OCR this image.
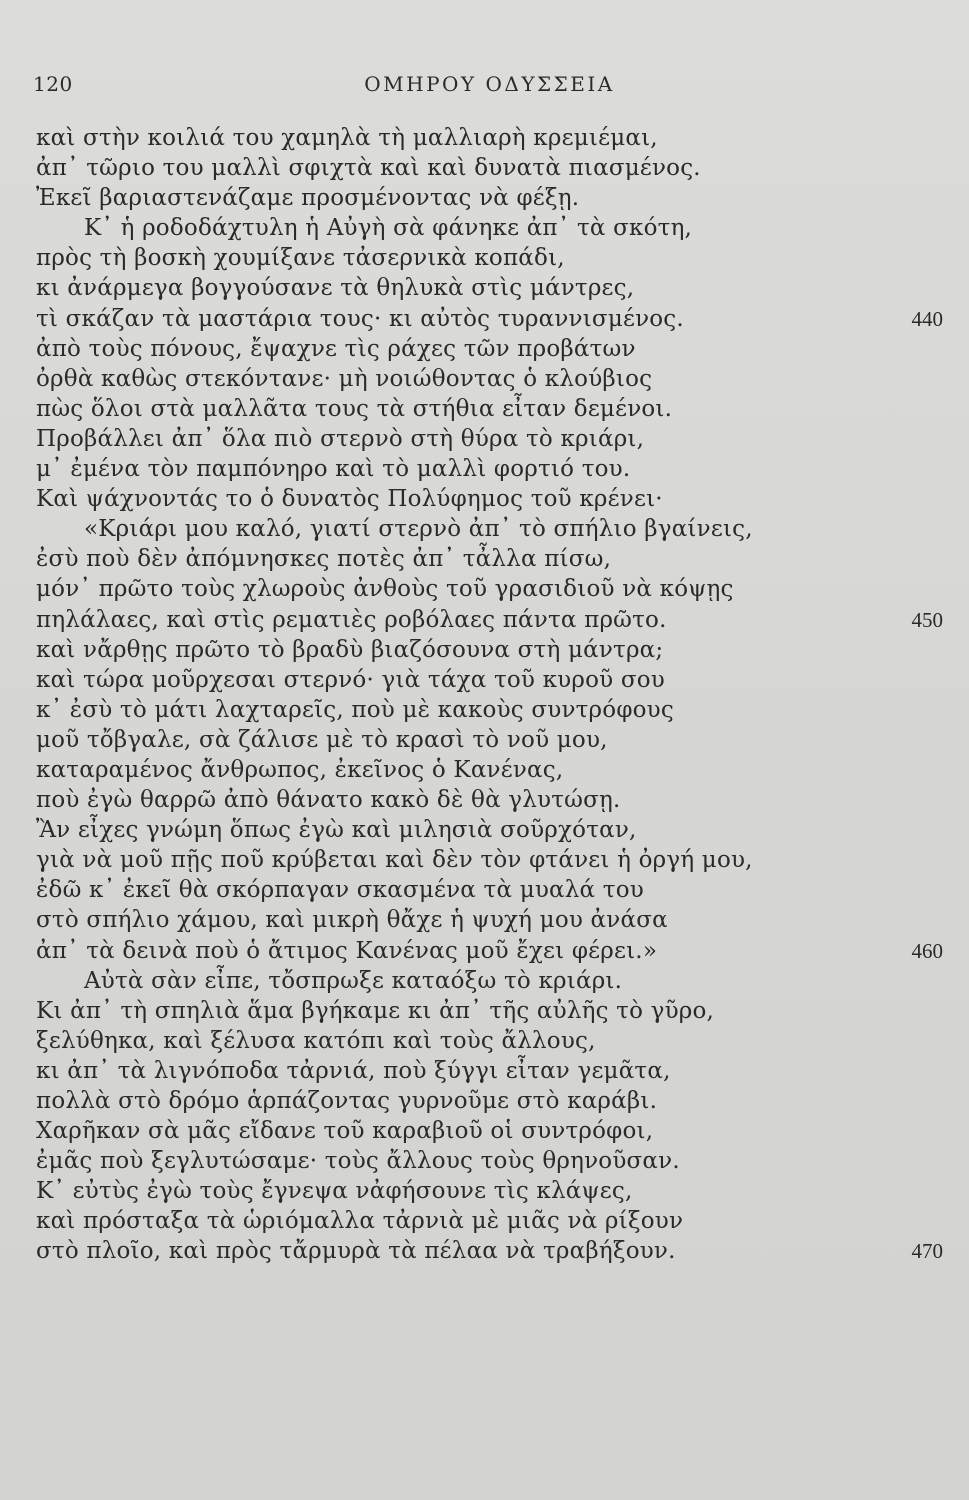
120	ΟΜΗΡΟΥ ΟΔΥΣΣΕΙΑ
καὶ στὴν κοιλιά του χαμηλὰ τὴ μαλλιαρὴ κρεμιέμαι,
ἀπ᾿ τῶριο του μαλλὶ σφιχτὰ καὶ καὶ δυνατὰ πιασμένος.
Ἐκεῖ βαριαστενάζαμε προσμένοντας νὰ φέξῃ.
Κ᾿ ἡ ροδοδάχτυλη ἡ Αὐγὴ σὰ φάνηκε ἀπ᾿ τὰ σκότη,
πρὸς τὴ βοσκὴ χουμίξανε τἀσερνικὰ κοπάδι,
κι ἀνάρμεγα βογγούσανε τὰ θηλυκὰ στὶς μάντρες,
τὶ σκάζαν τὰ μαστάρια τους· κι αὐτὸς τυραννισμένος.	440
ἀπὸ τοὺς πόνους, ἔψαχνε τὶς ράχες τῶν προβάτων
ὀρθὰ καθὼς στεκόντανε· μὴ νοιώθοντας ὁ κλούβιος
πὼς ὅλοι στὰ μαλλᾶτα τους τὰ στήθια εἶταν δεμένοι.
Προβάλλει ἀπ᾿ ὅλα πιὸ στερνὸ στὴ θύρα τὸ κριάρι,
μ᾿ ἐμένα τὸν παμπόνηρο καὶ τὸ μαλλὶ φορτιό του.
Καὶ ψάχνοντάς το ὁ δυνατὸς Πολύφημος τοῦ κρένει·
«Κριάρι μου καλό, γιατί στερνὸ ἀπ᾿ τὸ σπήλιο βγαίνεις,
ἐσὺ ποὺ δὲν ἀπόμνησκες ποτὲς ἀπ᾿ τἆλλα πίσω,
μόν᾿ πρῶτο τοὺς χλωροὺς ἀνθοὺς τοῦ γρασιδιοῦ νὰ κόψῃς
πηλάλαες, καὶ στὶς ρεματιὲς ροβόλαες πάντα πρῶτο.	450
καὶ νἄρθῃς πρῶτο τὸ βραδὺ βιαζόσουνα στὴ μάντρα;
καὶ τώρα μοῦρχεσαι στερνό· γιὰ τάχα τοῦ κυροῦ σου
κ᾿ ἐσὺ τὸ μάτι λαχταρεῖς, ποὺ μὲ κακοὺς συντρόφους
μοῦ τὄβγαλε, σὰ ζάλισε μὲ τὸ κρασὶ τὸ νοῦ μου,
καταραμένος ἄνθρωπος, ἐκεῖνος ὁ Κανένας,
ποὺ ἐγὼ θαρρῶ ἀπὸ θάνατο κακὸ δὲ θὰ γλυτώσῃ.
Ἂν εἶχες γνώμη ὅπως ἐγὼ καὶ μιλησιὰ σοῦρχόταν,
γιὰ νὰ μοῦ πῇς ποῦ κρύβεται καὶ δὲν τὸν φτάνει ἡ ὀργή μου,
ἐδῶ κ᾿ ἐκεῖ θὰ σκόρπαγαν σκασμένα τὰ μυαλά του
στὸ σπήλιο χάμου, καὶ μικρὴ θἄχε ἡ ψυχή μου ἀνάσα
ἀπ᾿ τὰ δεινὰ ποὺ ὁ ἄτιμος Κανένας μοῦ ἔχει φέρει.»	460
Αὐτὰ σὰν εἶπε, τὄσπρωξε καταόξω τὸ κριάρι.
Κι ἀπ᾿ τὴ σπηλιὰ ἅμα βγήκαμε κι ἀπ᾿ τῆς αὐλῆς τὸ γῦρο,
ξελύθηκα, καὶ ξέλυσα κατόπι καὶ τοὺς ἄλλους,
κι ἀπ᾿ τὰ λιγνόποδα τἀρνιά, ποὺ ξύγγι εἶταν γεμᾶτα,
πολλὰ στὸ δρόμο ἁρπάζοντας γυρνοῦμε στὸ καράβι.
Χαρῆκαν σὰ μᾶς εἴδανε τοῦ καραβιοῦ οἱ συντρόφοι,
ἐμᾶς ποὺ ξεγλυτώσαμε· τοὺς ἄλλους τοὺς θρηνοῦσαν.
Κ᾿ εὐτὺς ἐγὼ τοὺς ἔγνεψα νἀφήσουνε τὶς κλάψες,
καὶ πρόσταξα τὰ ὡριόμαλλα τἀρνιὰ μὲ μιᾶς νὰ ρίξουν
στὸ πλοῖο, καὶ πρὸς τἄρμυρὰ τὰ πέλαα νὰ τραβήξουν.	470
